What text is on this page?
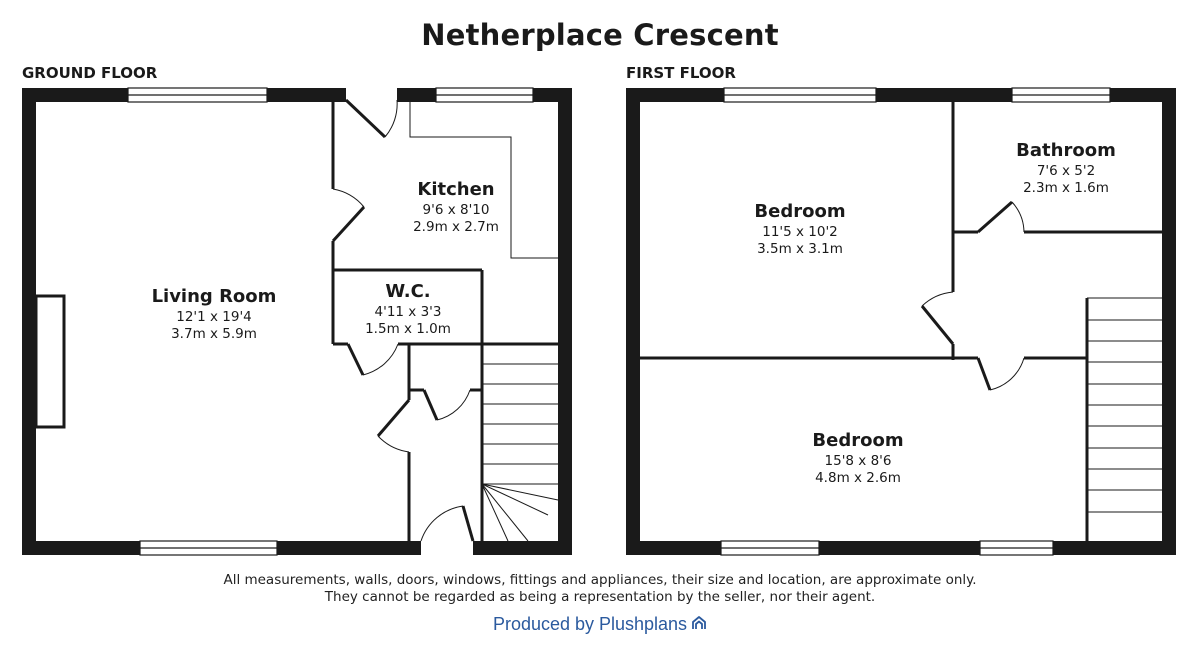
Netherplace Crescent
GROUND FLOOR	FIRST FLOOR
Living Room
12'1 x 19'4
3.7m x 5.9m
Kitchen
9'6 x 8'10
2.9m x 2.7m
W.C.
4'11 x 3'3
1.5m x 1.0m
Bedroom
11'5 x 10'2
3.5m x 3.1m
Bathroom
7'6 x 5'2
2.3m x 1.6m
Bedroom
15'8 x 8'6
4.8m x 2.6m
All measurements, walls, doors, windows, fittings and appliances, their size and location, are approximate only.
They cannot be regarded as being a representation by the seller, nor their agent.
Produced by Plushplans
